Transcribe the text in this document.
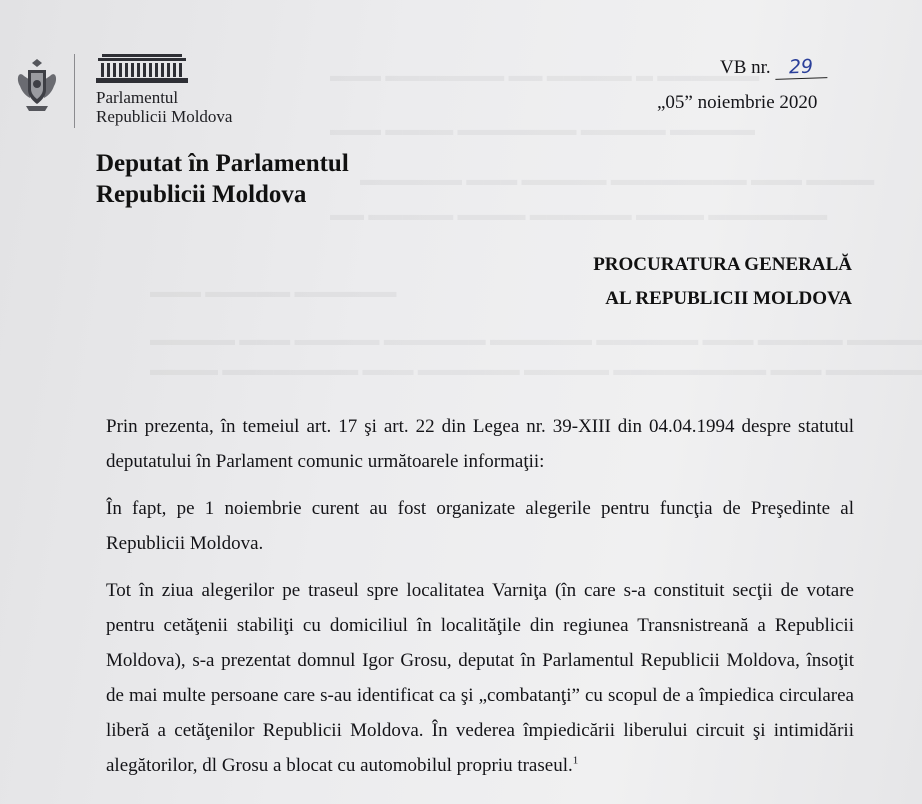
Parlamentul
Republicii Moldova
VB nr. 29
„05” noiembrie 2020
Deputat în Parlamentul
Republicii Moldova
PROCURATURA GENERALĂ
AL REPUBLICII MOLDOVA

Prin prezenta, în temeiul art. 17 şi art. 22 din Legea nr. 39-XIII din 04.04.1994 despre statutul deputatului în Parlament comunic următoarele informaţii:

În fapt, pe 1 noiembrie curent au fost organizate alegerile pentru funcţia de Preşedinte al Republicii Moldova.

Tot în ziua alegerilor pe traseul spre localitatea Varniţa (în care s-a constituit secţii de votare pentru cetăţenii stabiliţi cu domiciliul în localităţile din regiunea Transnistreană a Republicii Moldova), s-a prezentat domnul Igor Grosu, deputat în Parlamentul Republicii Moldova, însoţit de mai multe persoane care s-au identificat ca şi „combatanţi” cu scopul de a împiedica circularea liberă a cetăţenilor Republicii Moldova. În vederea împiedicării liberului circuit şi intimidării alegătorilor, dl Grosu a blocat cu automobilul propriu traseul.$^1$
